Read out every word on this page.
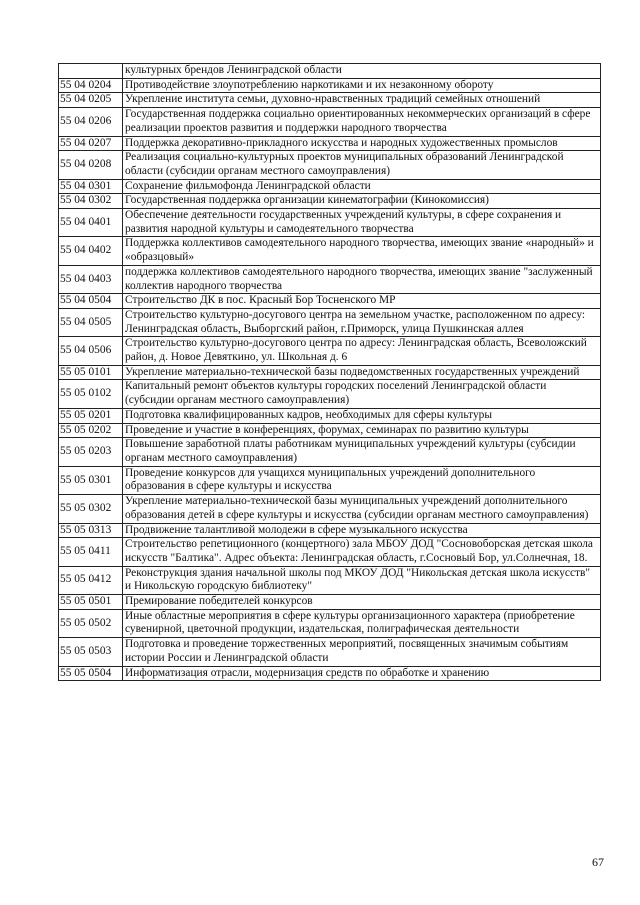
	культурных брендов Ленинградской области
55 04 0204	Противодействие злоупотреблению наркотиками и их незаконному обороту
55 04 0205	Укрепление института семьи, духовно-нравственных традиций семейных отношений
55 04 0206	Государственная поддержка социально ориентированных некоммерческих организаций в сфере реализации проектов развития и поддержки народного творчества
55 04 0207	Поддержка декоративно-прикладного искусства и народных художественных промыслов
55 04 0208	Реализация социально-культурных проектов муниципальных образований Ленинградской области (субсидии органам местного самоуправления)
55 04 0301	Сохранение фильмофонда Ленинградской области
55 04 0302	Государственная поддержка организации кинематографии (Кинокомиссия)
55 04 0401	Обеспечение деятельности государственных учреждений культуры, в сфере сохранения и развития народной культуры и самодеятельного творчества
55 04 0402	Поддержка коллективов самодеятельного народного творчества, имеющих звание «народный» и «образцовый»
55 04 0403	поддержка коллективов самодеятельного народного творчества, имеющих звание "заслуженный коллектив народного творчества
55 04 0504	Строительство ДК в пос. Красный Бор Тосненского МР
55 04 0505	Строительство культурно-досугового центра на земельном участке, расположенном по адресу: Ленинградская область, Выборгский район, г.Приморск, улица Пушкинская аллея
55 04 0506	Строительство культурно-досугового центра по адресу: Ленинградская область, Всеволожский район, д. Новое Девяткино, ул. Школьная д. 6
55 05 0101	Укрепление материально-технической базы подведомственных государственных учреждений
55 05 0102	Капитальный ремонт объектов культуры городских поселений Ленинградской области (субсидии органам местного самоуправления)
55 05 0201	Подготовка квалифицированных кадров, необходимых для сферы культуры
55 05 0202	Проведение и участие в конференциях, форумах, семинарах по развитию культуры
55 05 0203	Повышение заработной платы работникам муниципальных учреждений культуры (субсидии органам местного самоуправления)
55 05 0301	Проведение конкурсов для учащихся муниципальных учреждений дополнительного образования в сфере культуры и искусства
55 05 0302	Укрепление материально-технической базы муниципальных учреждений дополнительного образования детей в сфере культуры и искусства (субсидии органам местного самоуправления)
55 05 0313	Продвижение талантливой молодежи в сфере музыкального искусства
55 05 0411	Строительство репетиционного (концертного) зала МБОУ ДОД "Сосновоборская детская школа искусств "Балтика". Адрес объекта: Ленинградская область, г.Сосновый Бор, ул.Солнечная, 18.
55 05 0412	Реконструкция здания начальной школы под МКОУ ДОД "Никольская детская школа искусств" и Никольскую городскую библиотеку"
55 05 0501	Премирование победителей конкурсов
55 05 0502	Иные областные мероприятия в сфере культуры организационного характера (приобретение сувенирной, цветочной продукции, издательская, полиграфическая деятельности
55 05 0503	Подготовка и проведение торжественных мероприятий, посвященных значимым событиям истории России и Ленинградской области
55 05 0504	Информатизация отрасли, модернизация средств по обработке и хранению
67
